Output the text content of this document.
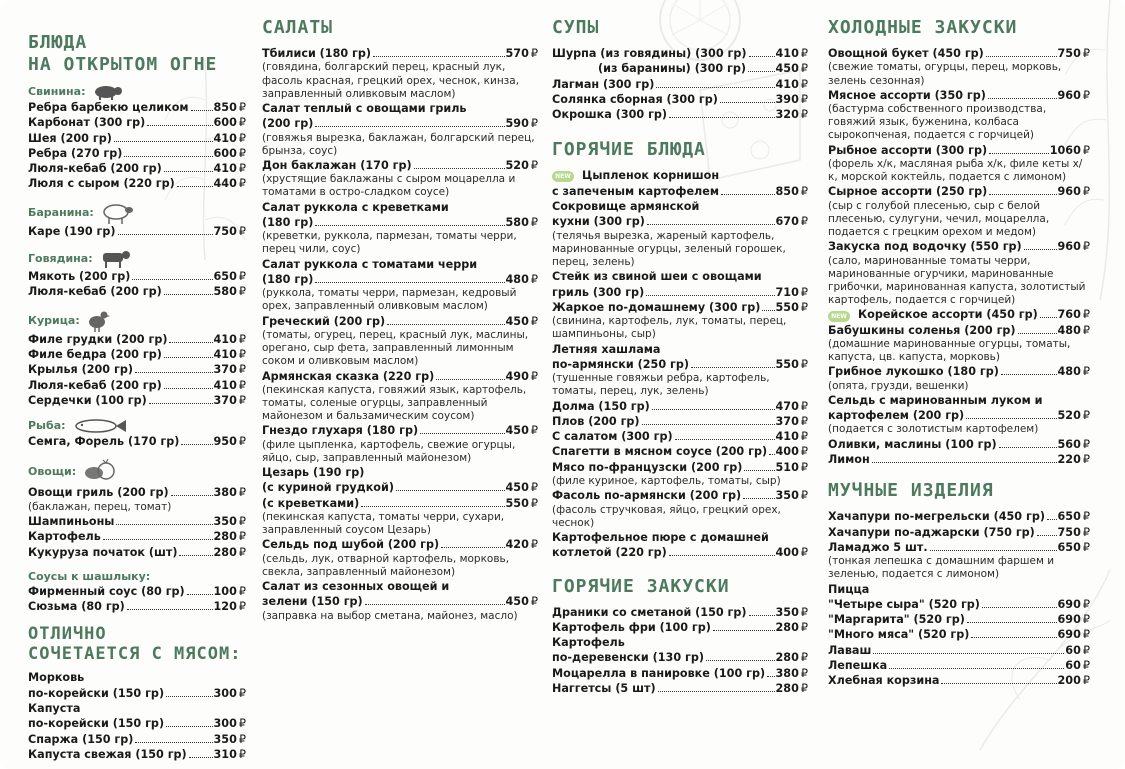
БЛЮДА
НА ОТКРЫТОМ ОГНЕ
Свинина:
Ребра барбекю целиком 850 ₽
Карбонат (300 гр)	600 ₽
Шея (200 гр)	410 ₽
Ребра (270 гр)	600 ₽
Люля-кебаб (200 гр)	410 ₽
Люля с сыром (220 гр)	440 ₽
Баранина:
Каре (190 гр)	750 ₽
Говядина:
Мякоть (200 гр)	650 ₽
Люля-кебаб (200 гр)	580 ₽
Курица:
Филе грудки (200 гр)	410 ₽
Филе бедра (200 гр)	410 ₽
Крылья (200 гр)	370 ₽
Люля-кебаб (200 гр)	410 ₽
Сердечки (100 гр)	370 ₽
Рыба:
Семга, Форель (170 гр)	950 ₽
Овощи:
Овощи гриль (200 гр)	380 ₽
(баклажан, перец, томат)
Шампиньоны	350 ₽
Картофель	280 ₽
Кукуруза початок (шт)	280 ₽
Соусы к шашлыку:
Фирменный соус (80 гр)	100 ₽
Сюзьма (80 гр)	120 ₽
ОТЛИЧНО
СОЧЕТАЕТСЯ С МЯСОМ:
Морковь
по-корейски (150 гр)	300 ₽
Капуста
по-корейски (150 гр)	300 ₽
Спаржа (150 гр)	350 ₽
Капуста свежая (150 гр) 310 ₽
САЛАТЫ
Тбилиси (180 гр)	570 ₽
(говядина, болгарский перец, красный лук, фасоль красная, грецкий орех, чеснок, кинза, заправленный оливковым маслом)
Салат теплый с овощами гриль
(200 гр)	590 ₽
(говяжья вырезка, баклажан, болгарский перец, брынза, соус)
Дон баклажан (170 гр)	520 ₽
(хрустящие баклажаны с сыром моцарелла и томатами в остро-сладком соусе)
Салат руккола с креветками
(180 гр)	580 ₽
(креветки, руккола, пармезан, томаты черри, перец чили, соус)
Салат руккола с томатами черри
(180 гр)	480 ₽
(руккола, томаты черри, пармезан, кедровый орех, заправленный оливковым маслом)
Греческий (200 гр)	450 ₽
(томаты, огурец, перец, красный лук, маслины, орегано, сыр фета, заправленный лимонным соком и оливковым маслом)
Армянская сказка (220 гр)	490 ₽
(пекинская капуста, говяжий язык, картофель, томаты, соленые огурцы, заправленный майонезом и бальзамическим соусом)
Гнездо глухаря (180 гр)	450 ₽
(филе цыпленка, картофель, свежие огурцы, яйцо, сыр, заправленный майонезом)
Цезарь (190 гр)
(с куриной грудкой)	450 ₽
(с креветками)	550 ₽
(пекинская капуста, томаты черри, сухари, заправленный соусом Цезарь)
Сельдь под шубой (200 гр)	420 ₽
(сельдь, лук, отварной картофель, морковь, свекла, заправленный майонезом)
Салат из сезонных овощей и
зелени (150 гр)	450 ₽
(заправка на выбор сметана, майонез, масло)
СУПЫ
Шурпа (из говядины) (300 гр)	410 ₽
(из баранины) (300 гр)	450 ₽
Лагман (300 гр)	410 ₽
Солянка сборная (300 гр)	390 ₽
Окрошка (300 гр)	320 ₽
ГОРЯЧИЕ БЛЮДА
NEW Цыпленок корнишон
с запеченым картофелем	850 ₽
Сокровище армянской
кухни (300 гр)	670 ₽
(телячья вырезка, жареный картофель, маринованные огурцы, зеленый горошек, перец, зелень)
Стейк из свиной шеи с овощами
гриль (300 гр)	710 ₽
Жаркое по-домашнему (300 гр) 550 ₽
(свинина, картофель, лук, томаты, перец, шампиньоны, сыр)
Летняя хашлама
по-армянски (250 гр)	550 ₽
(тушенные говяжьи ребра, картофель, томаты, перец, лук, зелень)
Долма (150 гр)	470 ₽
Плов (200 гр)	370 ₽
С салатом (300 гр)	410 ₽
Спагетти в мясном соусе (200 гр) 400 ₽
Мясо по-французски (200 гр)	510 ₽
(филе куриное, картофель, томаты, сыр)
Фасоль по-армянски (200 гр)	350 ₽
(фасоль стручковая, яйцо, грецкий орех, чеснок)
Картофельное пюре с домашней
котлетой (220 гр)	400 ₽
ГОРЯЧИЕ ЗАКУСКИ
Драники со сметаной (150 гр)	350 ₽
Картофель фри (100 гр)	280 ₽
Картофель
по-деревенски (130 гр)	280 ₽
Моцарелла в панировке (100 гр) 380 ₽
Наггетсы (5 шт)	280 ₽
ХОЛОДНЫЕ ЗАКУСКИ
Овощной букет (450 гр)	750 ₽
(свежие томаты, огурцы, перец, морковь, зелень сезонная)
Мясное ассорти (350 гр)	960 ₽
(бастурма собственного производства, говяжий язык, буженина, колбаса сырокопченая, подается с горчицей)
Рыбное ассорти (300 гр)	1060 ₽
(форель х/к, масляная рыба х/к, филе кеты х/к, морской коктейль, подается с лимоном)
Сырное ассорти (250 гр)	960 ₽
(сыр с голубой плесенью, сыр с белой плесенью, сулугуни, чечил, моцарелла, подается с грецким орехом и медом)
Закуска под водочку (550 гр)	960 ₽
(сало, маринованные томаты черри, маринованные огурчики, маринованные грибочки, маринованная капуста, золотистый картофель, подается с горчицей)
NEW Корейское ассорти (450 гр) 760 ₽
Бабушкины соленья (200 гр)	480 ₽
(домашние маринованные огурцы, томаты, капуста, цв. капуста, морковь)
Грибное лукошко (180 гр)	480 ₽
(опята, грузди, вешенки)
Сельдь с маринованным луком и
картофелем (200 гр)	520 ₽
(подается с золотистым картофелем)
Оливки, маслины (100 гр)	560 ₽
Лимон	220 ₽
МУЧНЫЕ ИЗДЕЛИЯ
Хачапури по-мегрельски (450 гр) 650 ₽
Хачапури по-аджарски (750 гр) 750 ₽
Ламаджо 5 шт.	650 ₽
(тонкая лепешка с домашним фаршем и зеленью, подается с лимоном)
Пицца
"Четыре сыра" (520 гр)	690 ₽
"Маргарита" (520 гр)	690 ₽
"Много мяса" (520 гр)	690 ₽
Лаваш	60 ₽
Лепешка	60 ₽
Хлебная корзина	200 ₽
